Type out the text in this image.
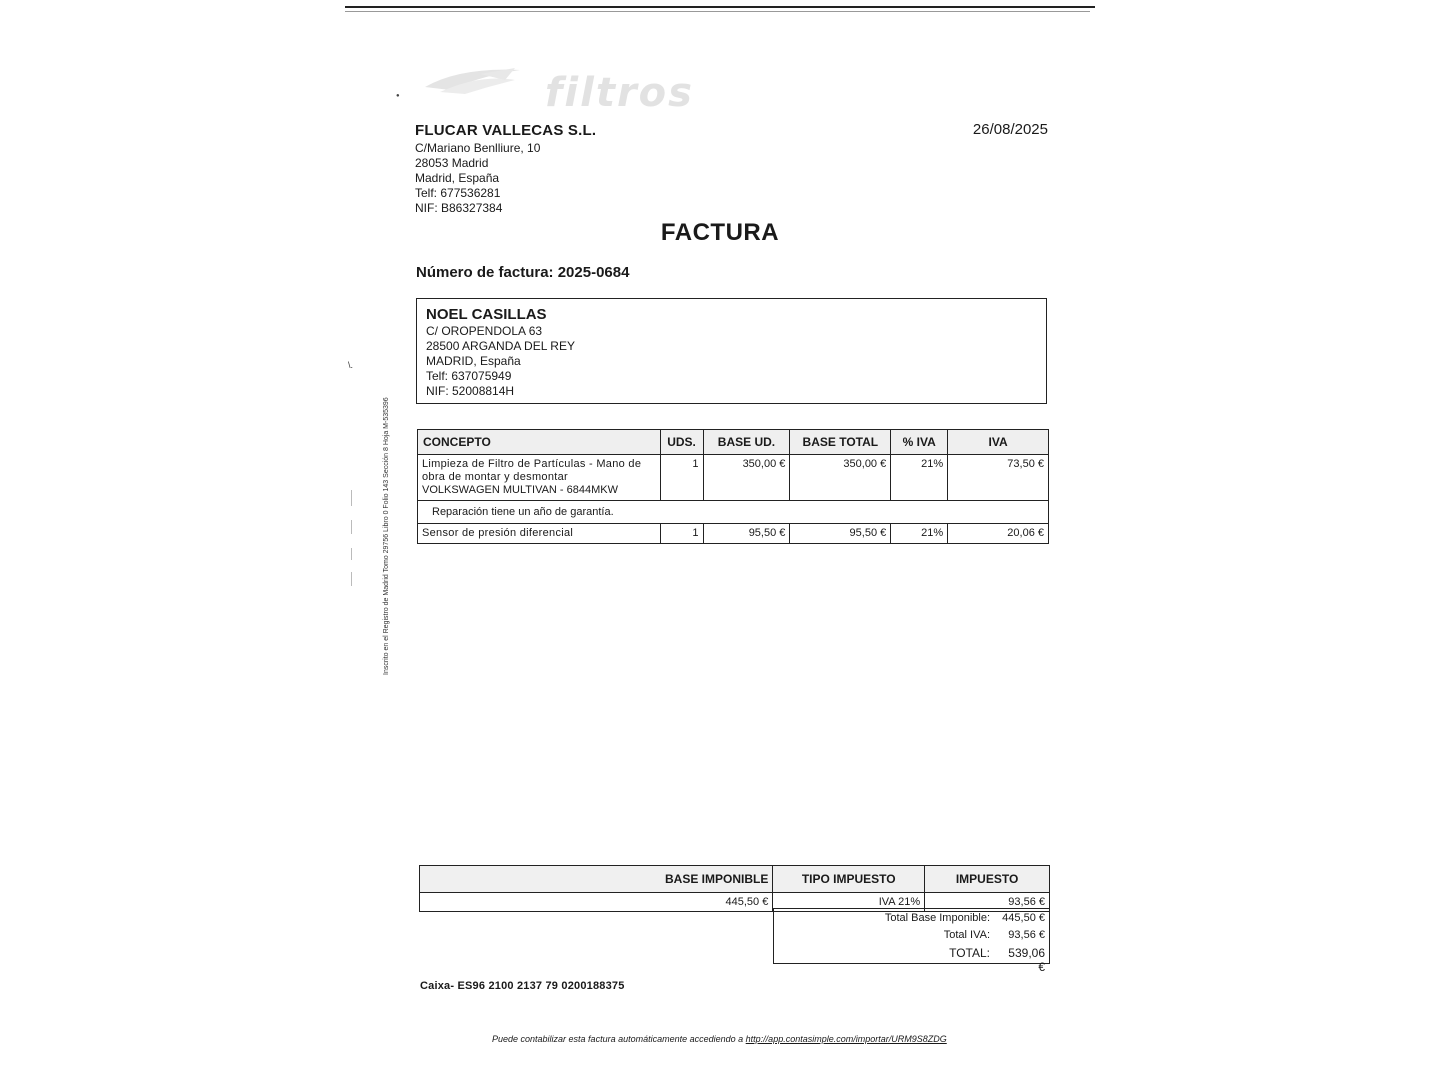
filtros
●
\.
Inscrito en el Registro de Madrid Tomo 29756 Libro 0 Folio 143 Sección 8 Hoja M-535396
FLUCAR VALLECAS S.L.
C/Mariano Benlliure, 10
28053 Madrid
Madrid, España
Telf: 677536281
NIF: B86327384
26/08/2025
FACTURA
Número de factura: 2025-0684
NOEL CASILLAS
C/ OROPENDOLA 63
28500 ARGANDA DEL REY
MADRID, España
Telf: 637075949
NIF: 52008814H
CONCEPTO	UDS.	BASE UD.	BASE TOTAL	% IVA	IVA

Limpieza de Filtro de Partículas - Mano de obra de montar y desmontar
VOLKSWAGEN MULTIVAN - 6844MKW	1	350,00 €	350,00 €	21%	73,50 €
Reparación tiene un año de garantía.					
Sensor de presión diferencial	1	95,50 €	95,50 €	21%	20,06 €
BASE IMPONIBLE	TIPO IMPUESTO	IMPUESTO
445,50 €	IVA 21%	93,56 €
Total Base Imponible: 445,50 €
Total IVA:	93,56 €
TOTAL:	539,06 €
Caixa- ES96 2100 2137 79 0200188375
Puede contabilizar esta factura automáticamente accediendo a http://app.contasimple.com/importar/URM9S8ZDG
